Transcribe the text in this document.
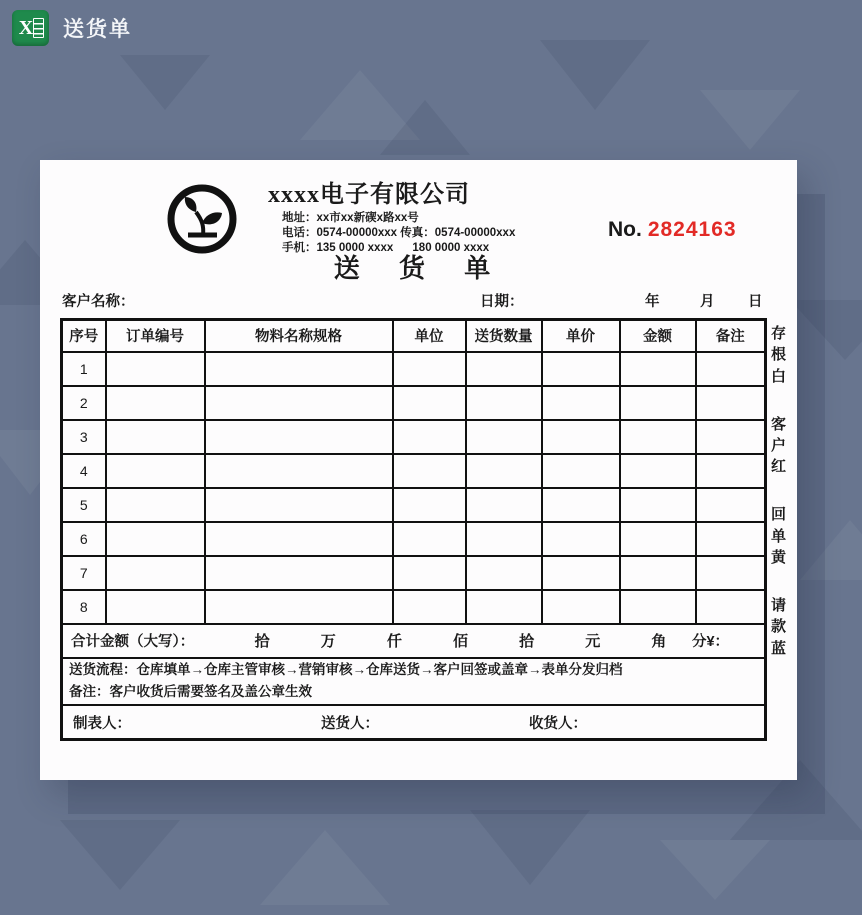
X 送货单
xxxx电子有限公司
地址：xx市xx新碶x路xx号
电话：0574-00000xxx 传真：0574-00000xxx
手机：135 0000 xxxx      180 0000 xxxx
No. 2824163
送 货 单
客户名称：	日期：	年	月 日
序号	订单编号	物料名称规格	单位	送货数量	单价	金额	备注
1							
2							
3							
4							
5							
6							
7							
8							

合计金额（大写）：	拾	万	仟	佰	拾	元	角	分¥：

送货流程：仓库填单→仓库主管审核→营销审核→仓库送货→客户回签或盖章→表单分发归档
备注：客户收货后需要签名及盖公章生效							

制表人： 送货人： 收货人：							
存根白
客户红
回单黄
请款蓝
